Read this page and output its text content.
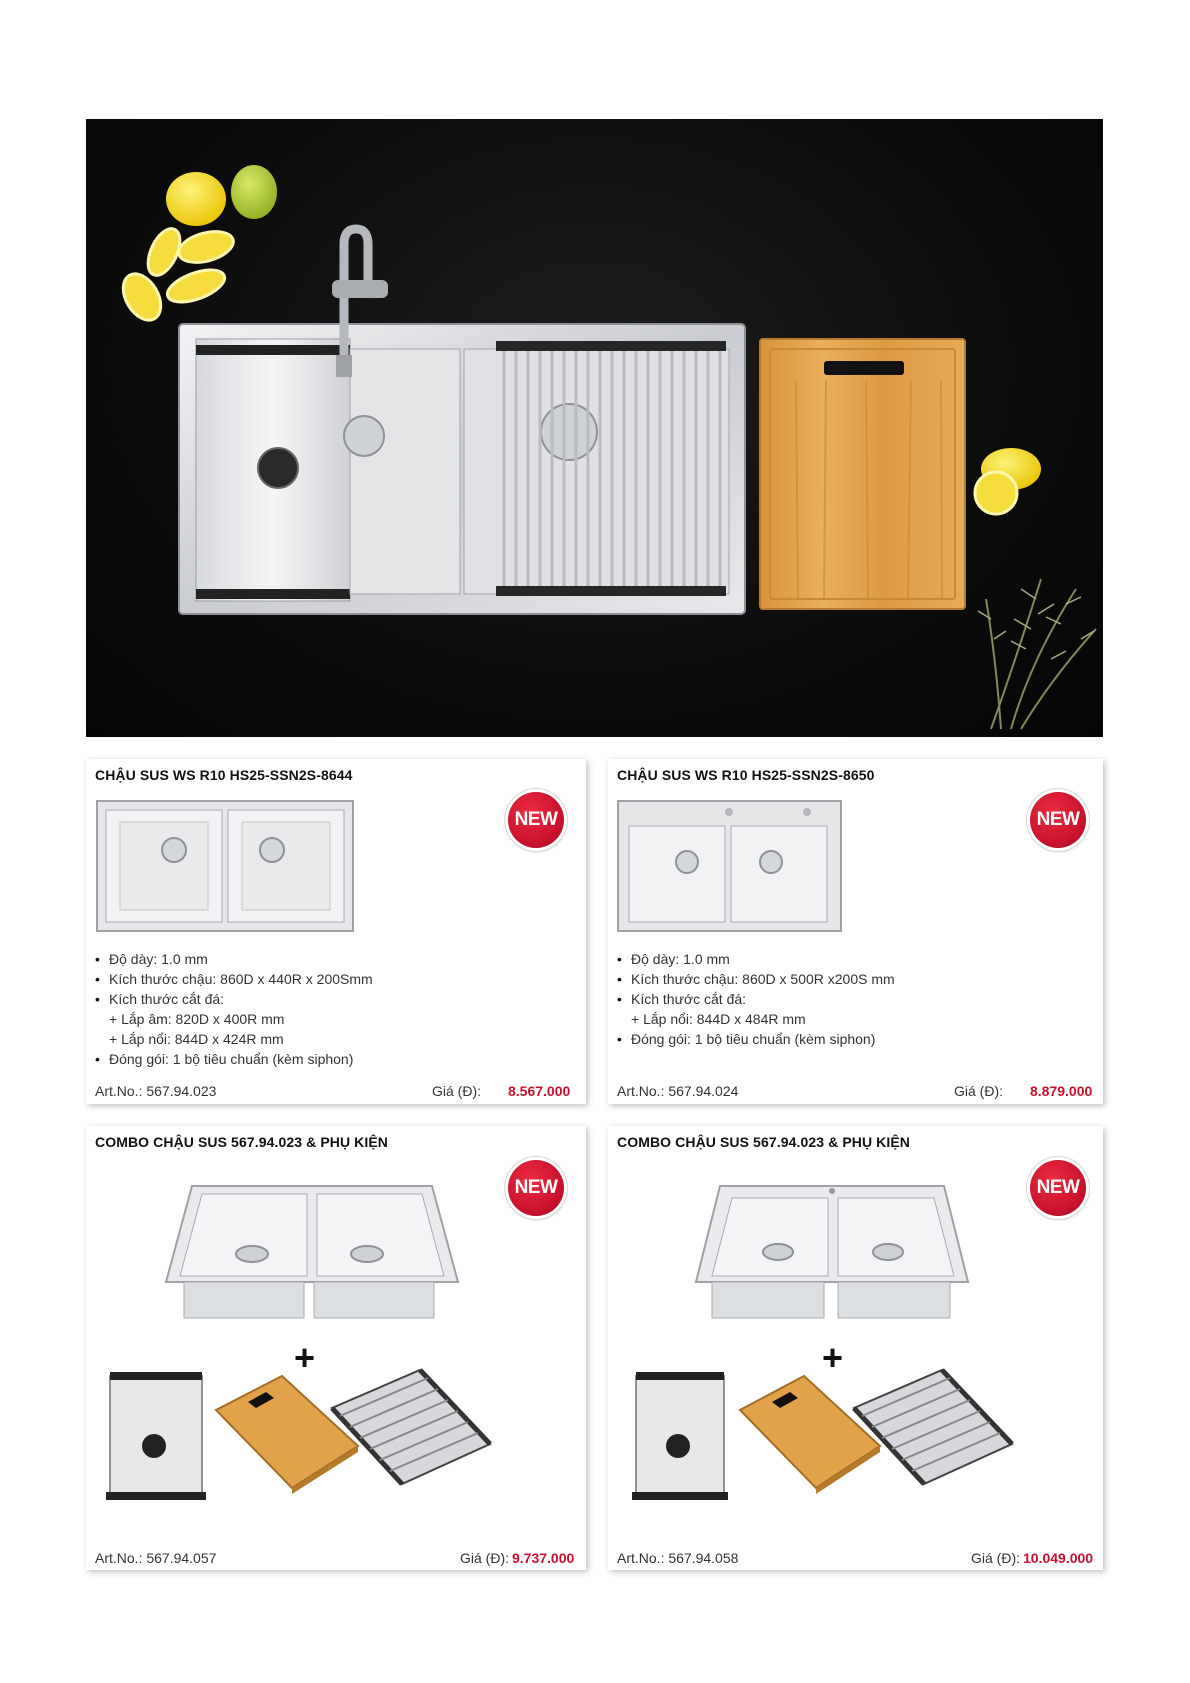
CHẬU SUS WS R10 HS25-SSN2S-8644
NEW
• Độ dày: 1.0 mm
• Kích thước chậu: 860D x 440R x 200Smm
• Kích thước cắt đá:
+ Lắp âm: 820D x 400R mm
+ Lắp nổi: 844D x 424R mm
• Đóng gói: 1 bộ tiêu chuẩn (kèm siphon)
Art.No.: 567.94.023	Giá (Đ): 8.567.000
CHẬU SUS WS R10 HS25-SSN2S-8650
NEW
• Độ dày: 1.0 mm
• Kích thước chậu: 860D x 500R x200S mm
• Kích thước cắt đá:
+ Lắp nổi: 844D x 484R mm
• Đóng gói: 1 bộ tiêu chuẩn (kèm siphon)
Art.No.: 567.94.024	Giá (Đ): 8.879.000
COMBO CHẬU SUS 567.94.023 & PHỤ KIỆN
NEW
+
Art.No.: 567.94.057	Giá (Đ): 9.737.000
COMBO CHẬU SUS 567.94.023 & PHỤ KIỆN
NEW
+
Art.No.: 567.94.058	Giá (Đ): 10.049.000
